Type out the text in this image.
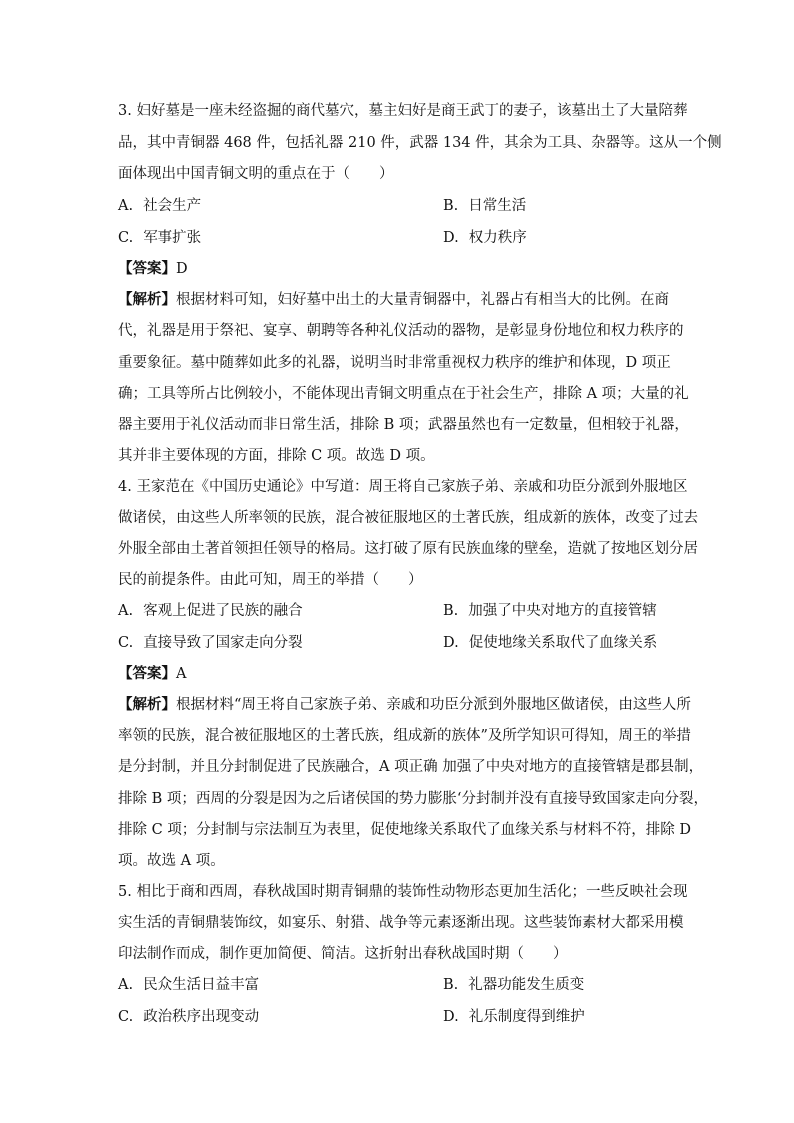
3. 妇好墓是一座未经盗掘的商代墓穴，墓主妇好是商王武丁的妻子，该墓出土了大量陪葬
品，其中青铜器 468 件，包括礼器 210 件，武器 134 件，其余为工具、杂器等。这从一个侧
面体现出中国青铜文明的重点在于（　　）
A. 社会生产	B. 日常生活
C. 军事扩张	D. 权力秩序
【答案】D
【解析】根据材料可知，妇好墓中出土的大量青铜器中，礼器占有相当大的比例。在商
代，礼器是用于祭祀、宴享、朝聘等各种礼仪活动的器物，是彰显身份地位和权力秩序的
重要象征。墓中随葬如此多的礼器，说明当时非常重视权力秩序的维护和体现，D 项正
确；工具等所占比例较小，不能体现出青铜文明重点在于社会生产，排除 A 项；大量的礼
器主要用于礼仪活动而非日常生活，排除 B 项；武器虽然也有一定数量，但相较于礼器，
其并非主要体现的方面，排除 C 项。故选 D 项。
4. 王家范在《中国历史通论》中写道：周王将自己家族子弟、亲戚和功臣分派到外服地区
做诸侯，由这些人所率领的民族，混合被征服地区的土著氏族，组成新的族体，改变了过去
外服全部由土著首领担任领导的格局。这打破了原有民族血缘的壁垒，造就了按地区划分居
民的前提条件。由此可知，周王的举措（　　）
A. 客观上促进了民族的融合	B. 加强了中央对地方的直接管辖
C. 直接导致了国家走向分裂	D. 促使地缘关系取代了血缘关系
【答案】A
【解析】根据材料“周王将自己家族子弟、亲戚和功臣分派到外服地区做诸侯，由这些人所
率领的民族，混合被征服地区的土著氏族，组成新的族体”及所学知识可得知，周王的举措
是分封制，并且分封制促进了民族融合，A 项正确 加强了中央对地方的直接管辖是郡县制，
排除 B 项；西周的分裂是因为之后诸侯国的势力膨胀‘分封制并没有直接导致国家走向分裂，
排除 C 项；分封制与宗法制互为表里，促使地缘关系取代了血缘关系与材料不符，排除 D
项。故选 A 项。
5. 相比于商和西周，春秋战国时期青铜鼎的装饰性动物形态更加生活化；一些反映社会现
实生活的青铜鼎装饰纹，如宴乐、射猎、战争等元素逐渐出现。这些装饰素材大都采用模
印法制作而成，制作更加简便、简洁。这折射出春秋战国时期（　　）
A. 民众生活日益丰富	B. 礼器功能发生质变
C. 政治秩序出现变动	D. 礼乐制度得到维护
